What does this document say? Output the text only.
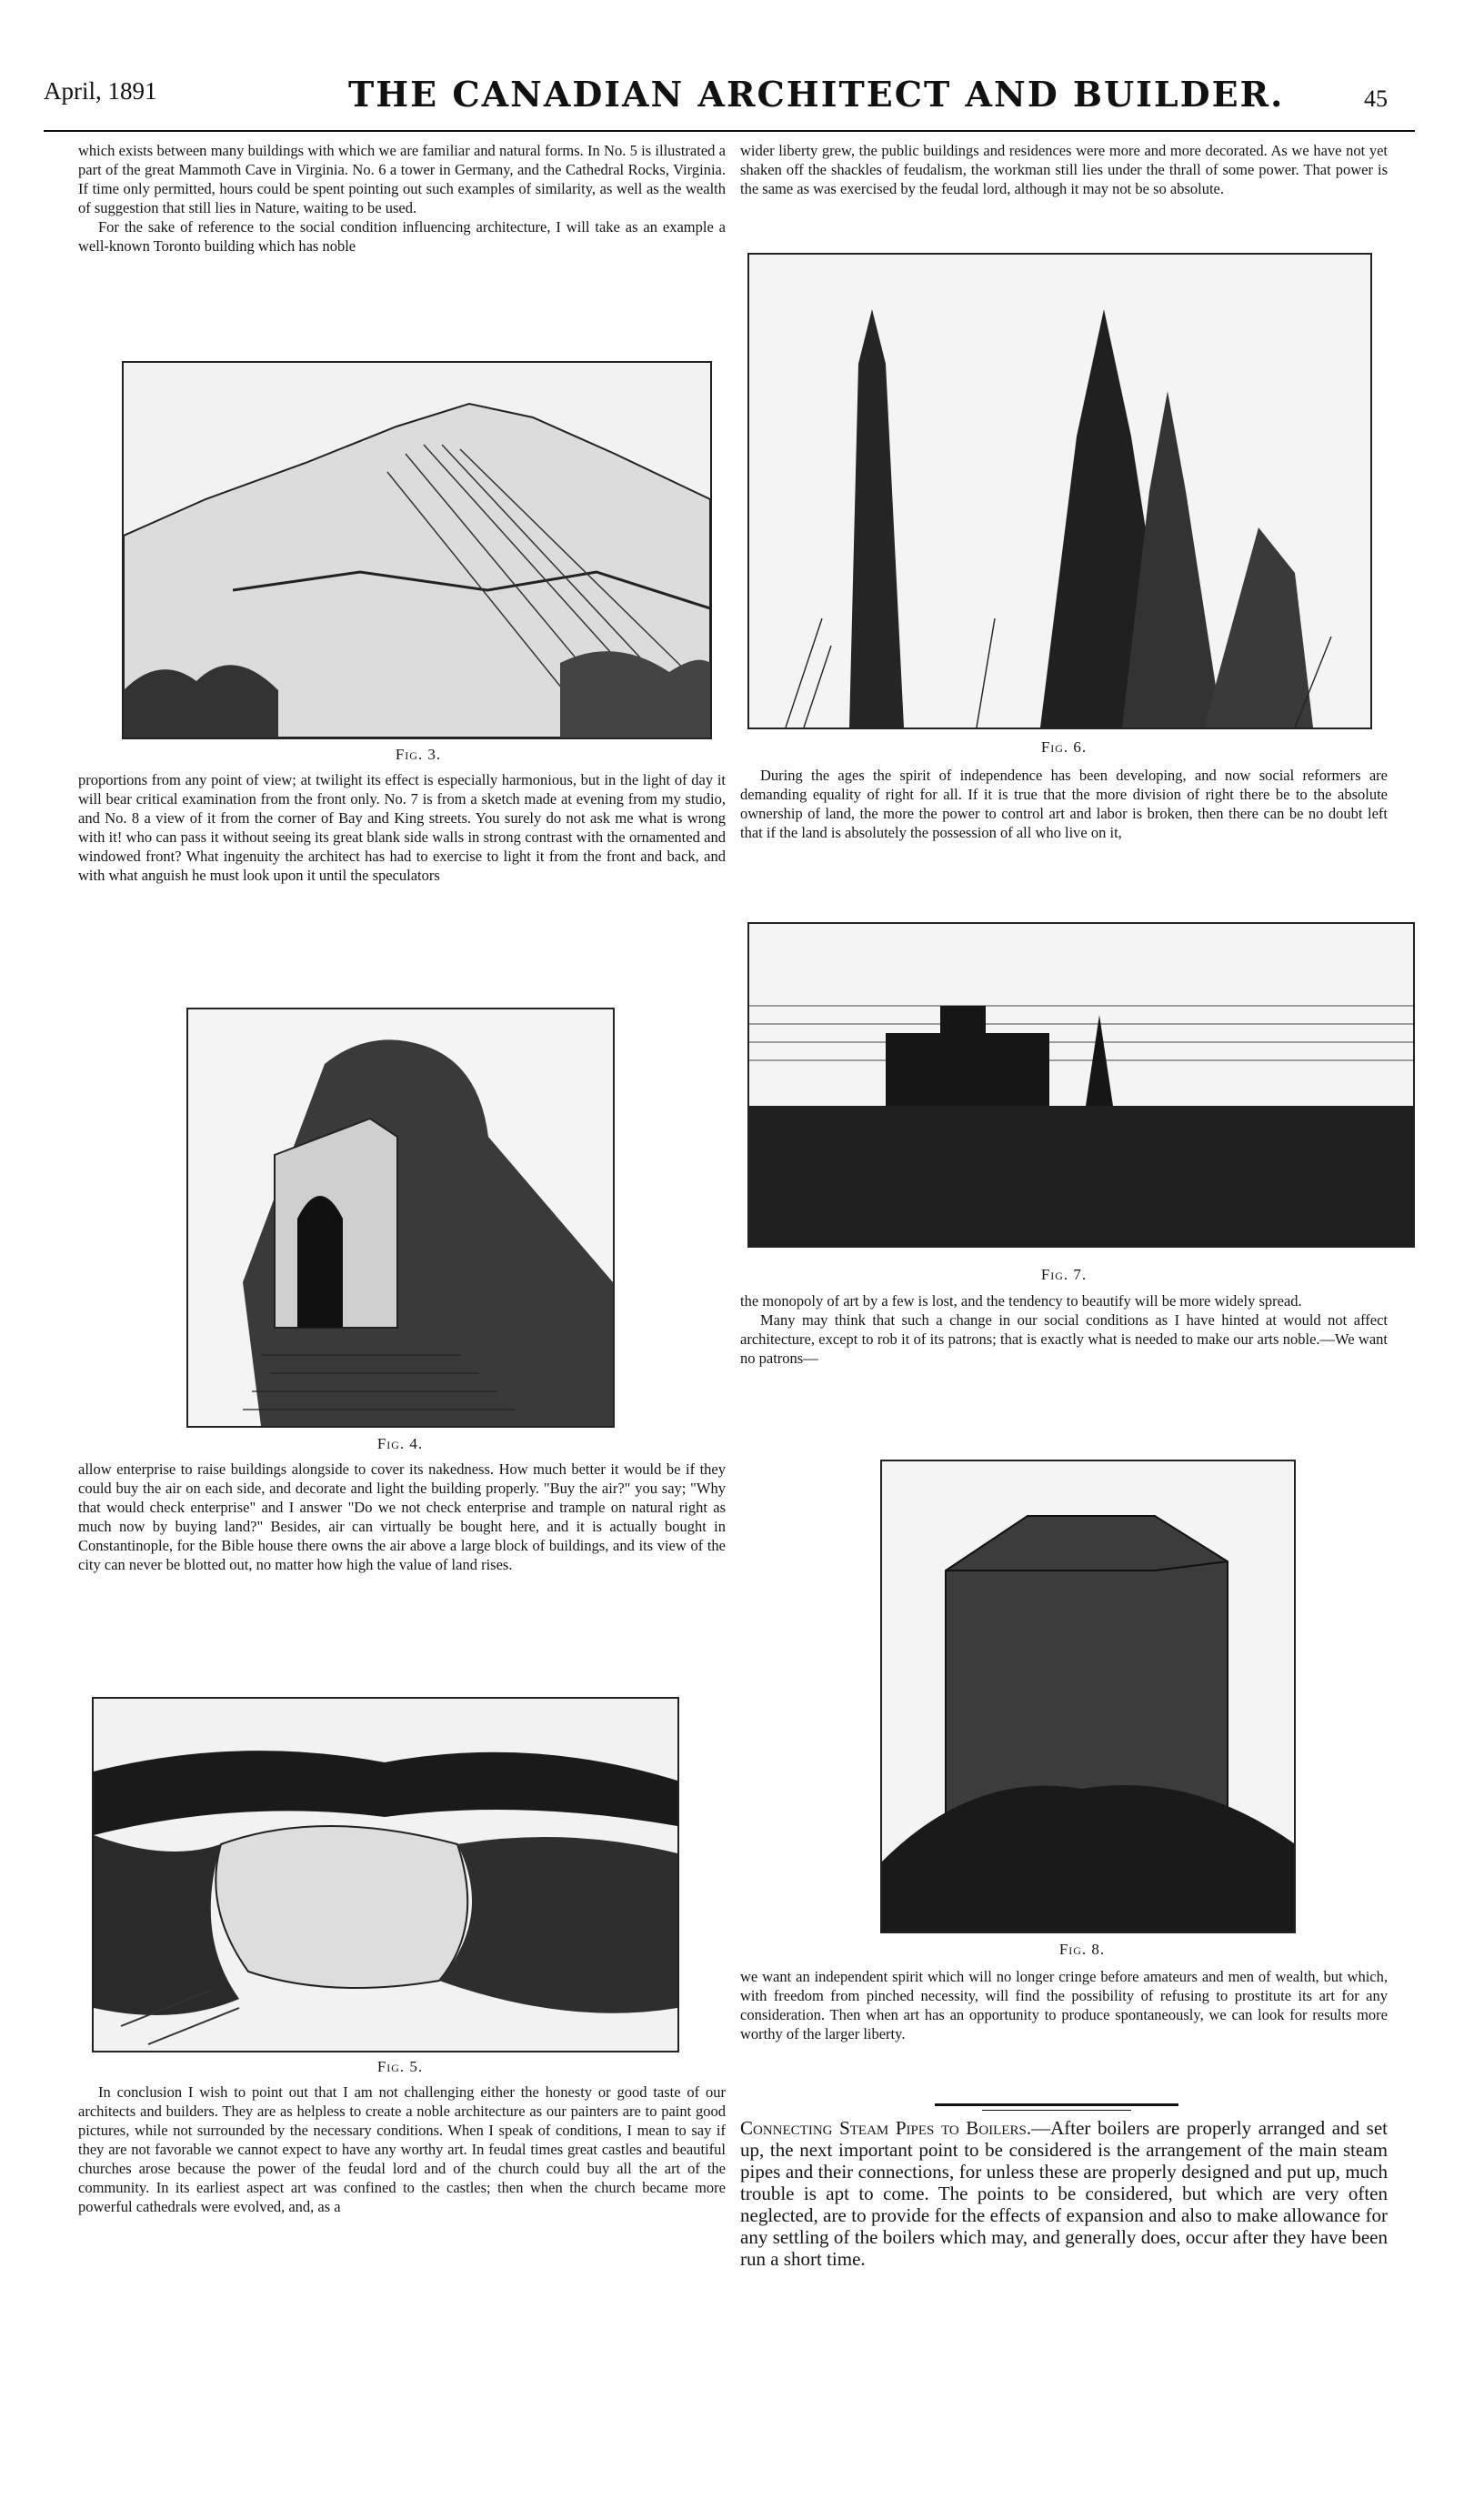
April, 1891	THE CANADIAN ARCHITECT AND BUILDER.	45

which exists between many buildings with which we are familiar and natural forms. In No. 5 is illustrated a part of the great Mammoth Cave in Virginia. No. 6 a tower in Germany, and the Cathedral Rocks, Virginia. If time only permitted, hours could be spent pointing out such examples of similarity, as well as the wealth of suggestion that still lies in Nature, waiting to be used.

For the sake of reference to the social condition influencing architecture, I will take as an example a well-known Toronto building which has noble

Fig. 3.
proportions from any point of view; at twilight its effect is especially harmonious, but in the light of day it will bear critical examination from the front only. No. 7 is from a sketch made at evening from my studio, and No. 8 a view of it from the corner of Bay and King streets. You surely do not ask me what is wrong with it! who can pass it without seeing its great blank side walls in strong contrast with the ornamented and windowed front? What ingenuity the architect has had to exercise to light it from the front and back, and with what anguish he must look upon it until the speculators
Fig. 4.
allow enterprise to raise buildings alongside to cover its nakedness. How much better it would be if they could buy the air on each side, and decorate and light the building properly. "Buy the air?" you say; "Why that would check enterprise" and I answer "Do we not check enterprise and trample on natural right as much now by buying land?" Besides, air can virtually be bought here, and it is actually bought in Constantinople, for the Bible house there owns the air above a large block of buildings, and its view of the city can never be blotted out, no matter how high the value of land rises.
Fig. 5.
In conclusion I wish to point out that I am not challenging either the honesty or good taste of our architects and builders. They are as helpless to create a noble architecture as our painters are to paint good pictures, while not surrounded by the necessary conditions. When I speak of conditions, I mean to say if they are not favorable we cannot expect to have any worthy art. In feudal times great castles and beautiful churches arose because the power of the feudal lord and of the church could buy all the art of the community. In its earliest aspect art was confined to the castles; then when the church became more powerful cathedrals were evolved, and, as a
wider liberty grew, the public buildings and residences were more and more decorated. As we have not yet shaken off the shackles of feudalism, the workman still lies under the thrall of some power. That power is the same as was exercised by the feudal lord, although it may not be so absolute.
Fig. 6.
During the ages the spirit of independence has been developing, and now social reformers are demanding equality of right for all. If it is true that the more division of right there be to the absolute ownership of land, the more the power to control art and labor is broken, then there can be no doubt left that if the land is absolutely the possession of all who live on it,
Fig. 7.

the monopoly of art by a few is lost, and the tendency to beautify will be more widely spread.

Many may think that such a change in our social conditions as I have hinted at would not affect architecture, except to rob it of its patrons; that is exactly what is needed to make our arts noble.—We want no patrons—

Fig. 8.
we want an independent spirit which will no longer cringe before amateurs and men of wealth, but which, with freedom from pinched necessity, will find the possibility of refusing to prostitute its art for any consideration. Then when art has an opportunity to produce spontaneously, we can look for results more worthy of the larger liberty.
Connecting Steam Pipes to Boilers.—After boilers are properly arranged and set up, the next important point to be considered is the arrangement of the main steam pipes and their connections, for unless these are properly designed and put up, much trouble is apt to come. The points to be considered, but which are very often neglected, are to provide for the effects of expansion and also to make allowance for any settling of the boilers which may, and generally does, occur after they have been run a short time.
